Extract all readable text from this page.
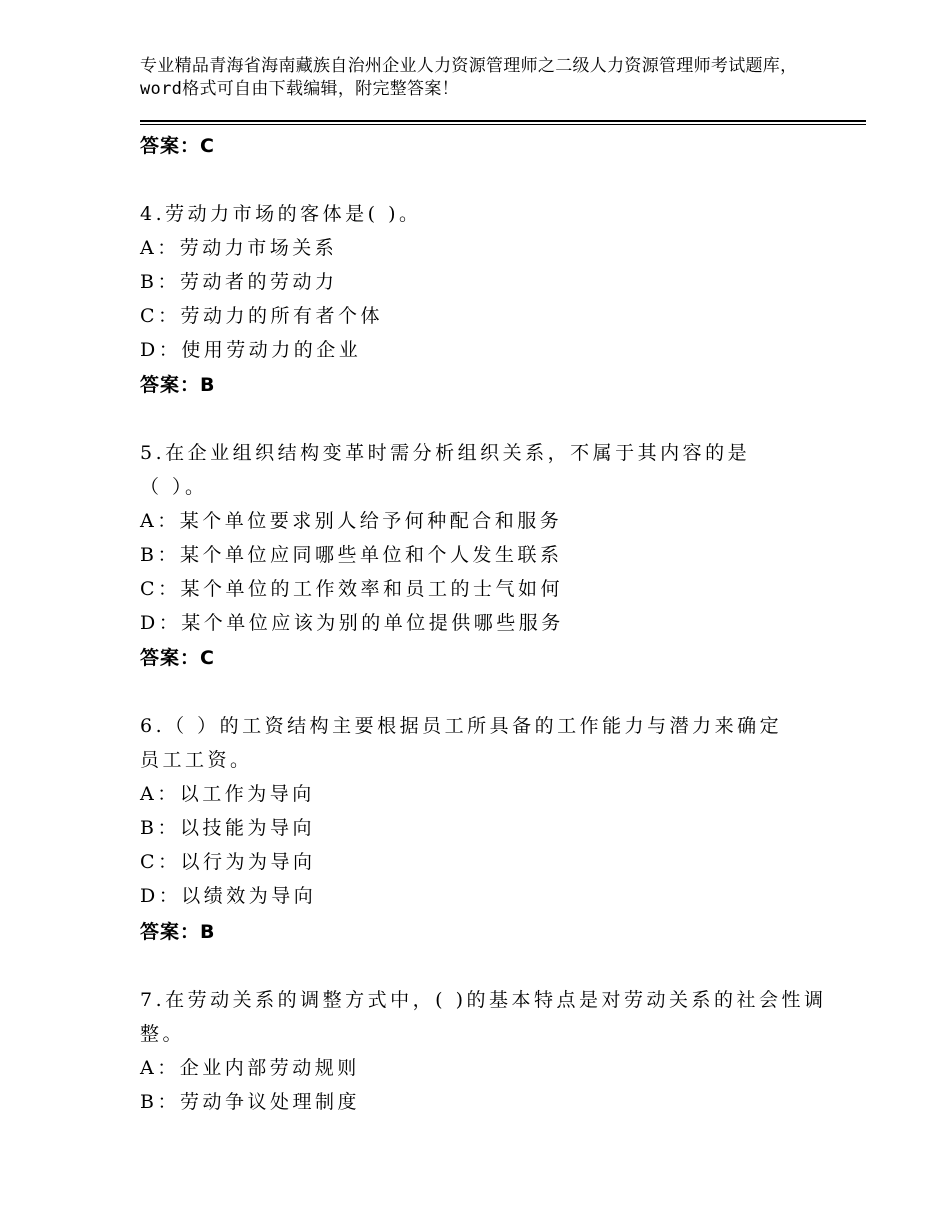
专业精品青海省海南藏族自治州企业人力资源管理师之二级人力资源管理师考试题库，word格式可自由下载编辑，附完整答案！
答案：C
4.劳动力市场的客体是( )。
A：劳动力市场关系
B：劳动者的劳动力
C：劳动力的所有者个体
D：使用劳动力的企业
答案：B
5.在企业组织结构变革时需分析组织关系，不属于其内容的是
（ ）。
A：某个单位要求别人给予何种配合和服务
B：某个单位应同哪些单位和个人发生联系
C：某个单位的工作效率和员工的士气如何
D：某个单位应该为别的单位提供哪些服务
答案：C
6.（ ）的工资结构主要根据员工所具备的工作能力与潜力来确定
员工工资。
A：以工作为导向
B：以技能为导向
C：以行为为导向
D：以绩效为导向
答案：B
7.在劳动关系的调整方式中，( )的基本特点是对劳动关系的社会性调
整。
A：企业内部劳动规则
B：劳动争议处理制度
